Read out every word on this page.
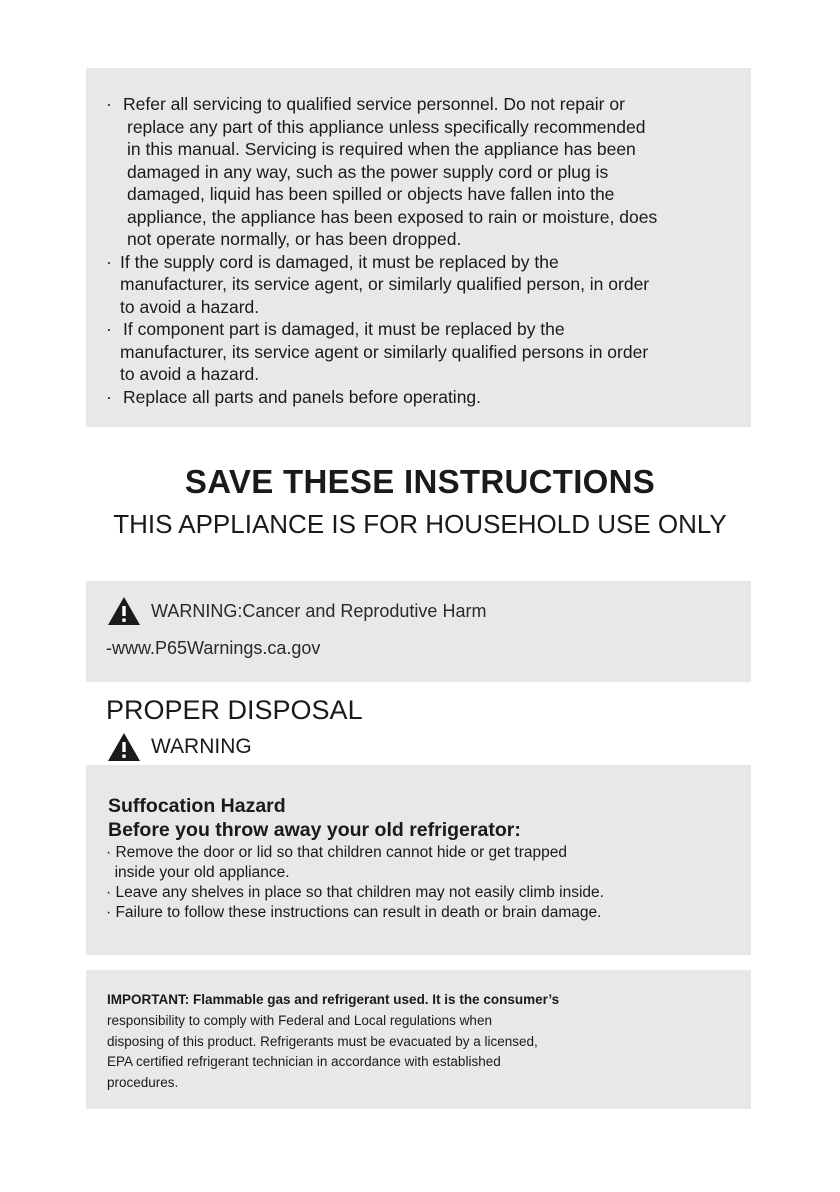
· Refer all servicing to qualified service personnel. Do not repair or
replace any part of this appliance unless specifically recommended
in this manual. Servicing is required when the appliance has been
damaged in any way, such as the power supply cord or plug is
damaged, liquid has been spilled or objects have fallen into the
appliance, the appliance has been exposed to rain or moisture, does
not operate normally, or has been dropped.
· If the supply cord is damaged, it must be replaced by the
manufacturer, its service agent, or similarly qualified person, in order
to avoid a hazard.
· If component part is damaged, it must be replaced by the
manufacturer, its service agent or similarly qualified persons in order
to avoid a hazard.
· Replace all parts and panels before operating.
SAVE THESE INSTRUCTIONS
THIS APPLIANCE IS FOR HOUSEHOLD USE ONLY
WARNING:Cancer and Reprodutive Harm
-www.P65Warnings.ca.gov
PROPER DISPOSAL
WARNING
Suffocation Hazard
Before you throw away your old refrigerator:
· Remove the door or lid so that children cannot hide or get trapped
inside your old appliance.
· Leave any shelves in place so that children may not easily climb inside.
· Failure to follow these instructions can result in death or brain damage.
IMPORTANT: Flammable gas and refrigerant used. It is the consumer’s
responsibility to comply with Federal and Local regulations when
disposing of this product. Refrigerants must be evacuated by a licensed,
EPA certified refrigerant technician in accordance with established
procedures.
